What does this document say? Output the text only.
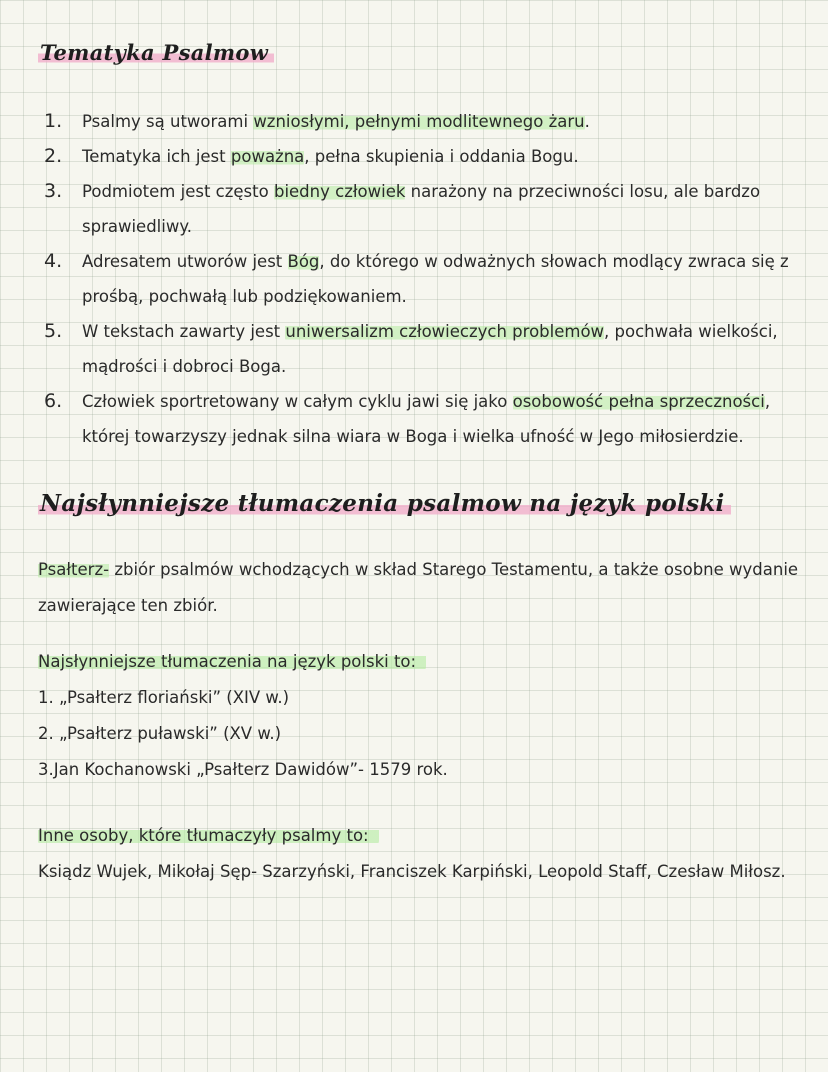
Tematyka Psalmow
1. Psalmy są utworami wzniosłymi, pełnymi modlitewnego żaru.
2. Tematyka ich jest poważna, pełna skupienia i oddania Bogu.
3. Podmiotem jest często biedny człowiek narażony na przeciwności losu, ale bardzo sprawiedliwy.
4. Adresatem utworów jest Bóg, do którego w odważnych słowach modlący zwraca się z prośbą, pochwałą lub podziękowaniem.
5. W tekstach zawarty jest uniwersalizm człowieczych problemów, pochwała wielkości, mądrości i dobroci Boga.
6. Człowiek sportretowany w całym cyklu jawi się jako osobowość pełna sprzeczności, której towarzyszy jednak silna wiara w Boga i wielka ufność w Jego miłosierdzie.
Najsłynniejsze tłumaczenia psalmow na język polski
Psałterz- zbiór psalmów wchodzących w skład Starego Testamentu, a także osobne wydanie zawierające ten zbiór.
Najsłynniejsze tłumaczenia na język polski to:
1. „Psałterz floriański” (XIV w.)
2. „Psałterz puławski” (XV w.)
3.Jan Kochanowski „Psałterz Dawidów”- 1579 rok.
Inne osoby, które tłumaczyły psalmy to:
Ksiądz Wujek, Mikołaj Sęp- Szarzyński, Franciszek Karpiński, Leopold Staff, Czesław Miłosz.
